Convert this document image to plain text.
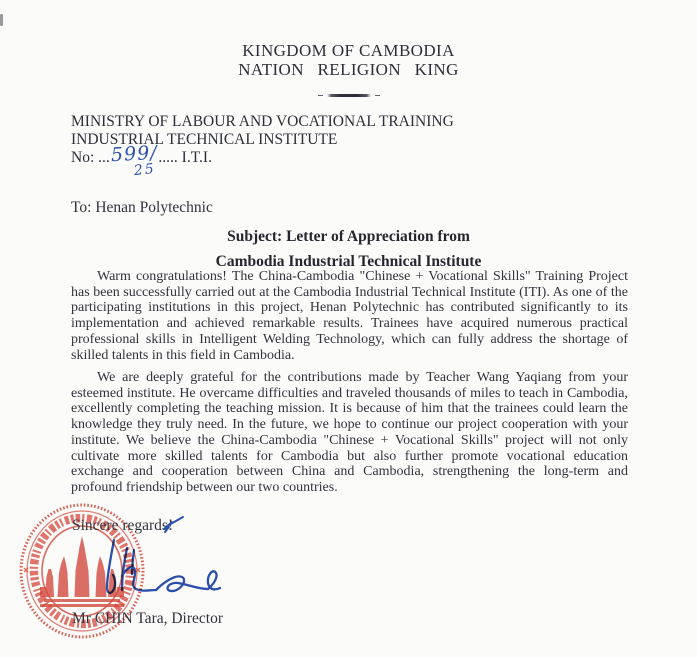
KINGDOM OF CAMBODIA
NATION RELIGION KING
MINISTRY OF LABOUR AND VOCATIONAL TRAINING
INDUSTRIAL TECHNICAL INSTITUTE
No: ...599/..... I.T.I.
25
To: Henan Polytechnic
Subject: Letter of Appreciation from
Cambodia Industrial Technical Institute
Warm congratulations! The China-Cambodia "Chinese + Vocational Skills" Training Project has been successfully carried out at the Cambodia Industrial Technical Institute (ITI). As one of the participating institutions in this project, Henan Polytechnic has contributed significantly to its implementation and achieved remarkable results. Trainees have acquired numerous practical professional skills in Intelligent Welding Technology, which can fully address the shortage of skilled talents in this field in Cambodia.
We are deeply grateful for the contributions made by Teacher Wang Yaqiang from your esteemed institute. He overcame difficulties and traveled thousands of miles to teach in Cambodia, excellently completing the teaching mission. It is because of him that the trainees could learn the knowledge they truly need. In the future, we hope to continue our project cooperation with your institute. We believe the China-Cambodia "Chinese + Vocational Skills" project will not only cultivate more skilled talents for Cambodia but also further promote vocational education exchange and cooperation between China and Cambodia, strengthening the long-term and profound friendship between our two countries.
Sincere regards!
Mr CHIN Tara, Director
